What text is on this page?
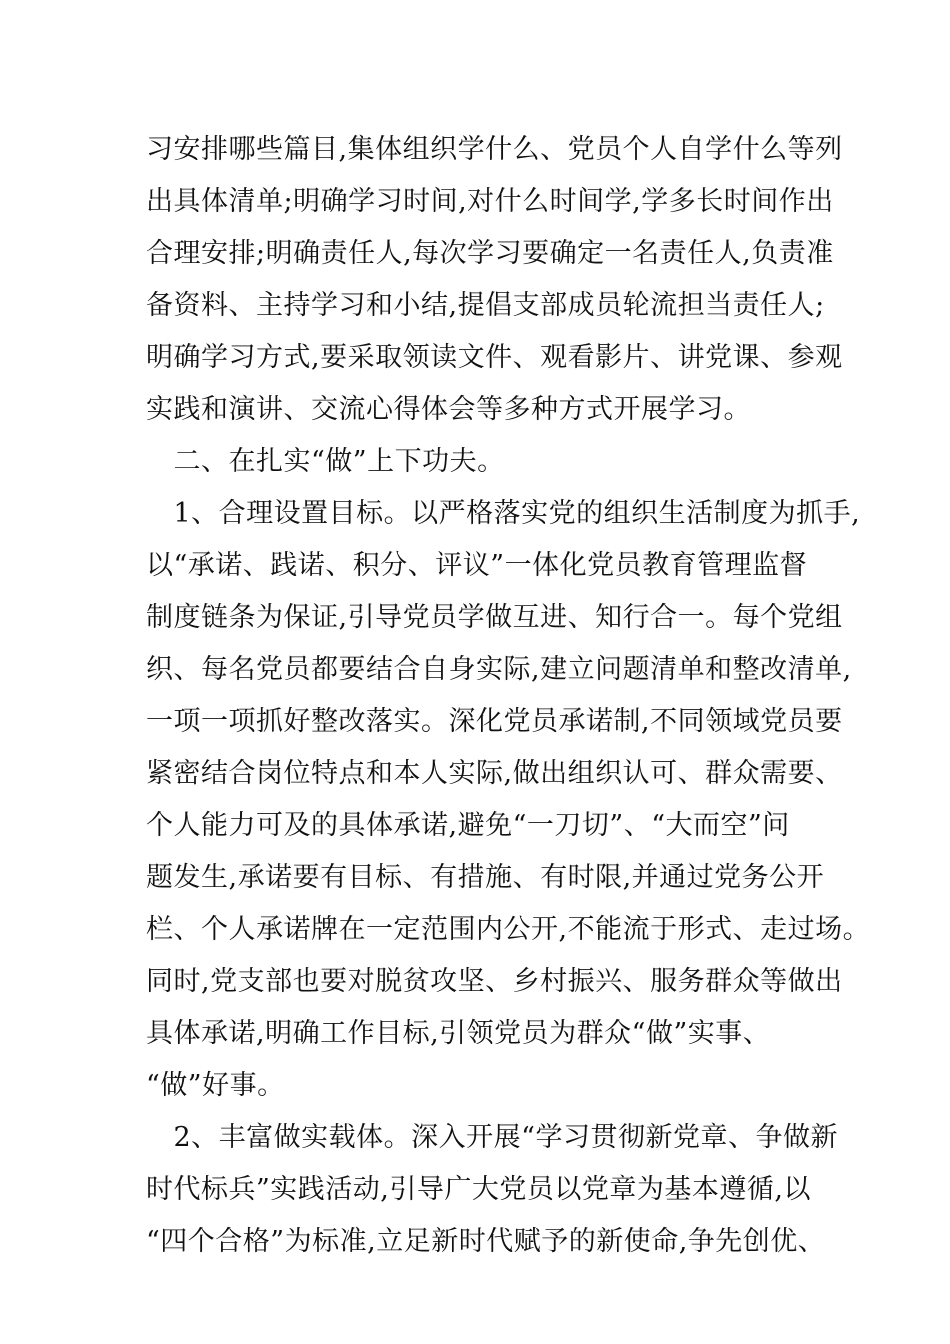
习安排哪些篇目,集体组织学什么、党员个人自学什么等列
出具体清单;明确学习时间,对什么时间学,学多长时间作出
合理安排;明确责任人,每次学习要确定一名责任人,负责准
备资料、主持学习和小结,提倡支部成员轮流担当责任人;
明确学习方式,要采取领读文件、观看影片、讲党课、参观
实践和演讲、交流心得体会等多种方式开展学习。
　二、在扎实“做”上下功夫。
　1、合理设置目标。以严格落实党的组织生活制度为抓手,
以“承诺、践诺、积分、评议”一体化党员教育管理监督
制度链条为保证,引导党员学做互进、知行合一。每个党组
织、每名党员都要结合自身实际,建立问题清单和整改清单,
一项一项抓好整改落实。深化党员承诺制,不同领域党员要
紧密结合岗位特点和本人实际,做出组织认可、群众需要、
个人能力可及的具体承诺,避免“一刀切”、“大而空”问
题发生,承诺要有目标、有措施、有时限,并通过党务公开
栏、个人承诺牌在一定范围内公开,不能流于形式、走过场。
同时,党支部也要对脱贫攻坚、乡村振兴、服务群众等做出
具体承诺,明确工作目标,引领党员为群众“做”实事、
“做”好事。
　2、丰富做实载体。深入开展“学习贯彻新党章、争做新
时代标兵”实践活动,引导广大党员以党章为基本遵循,以
“四个合格”为标准,立足新时代赋予的新使命,争先创优、
